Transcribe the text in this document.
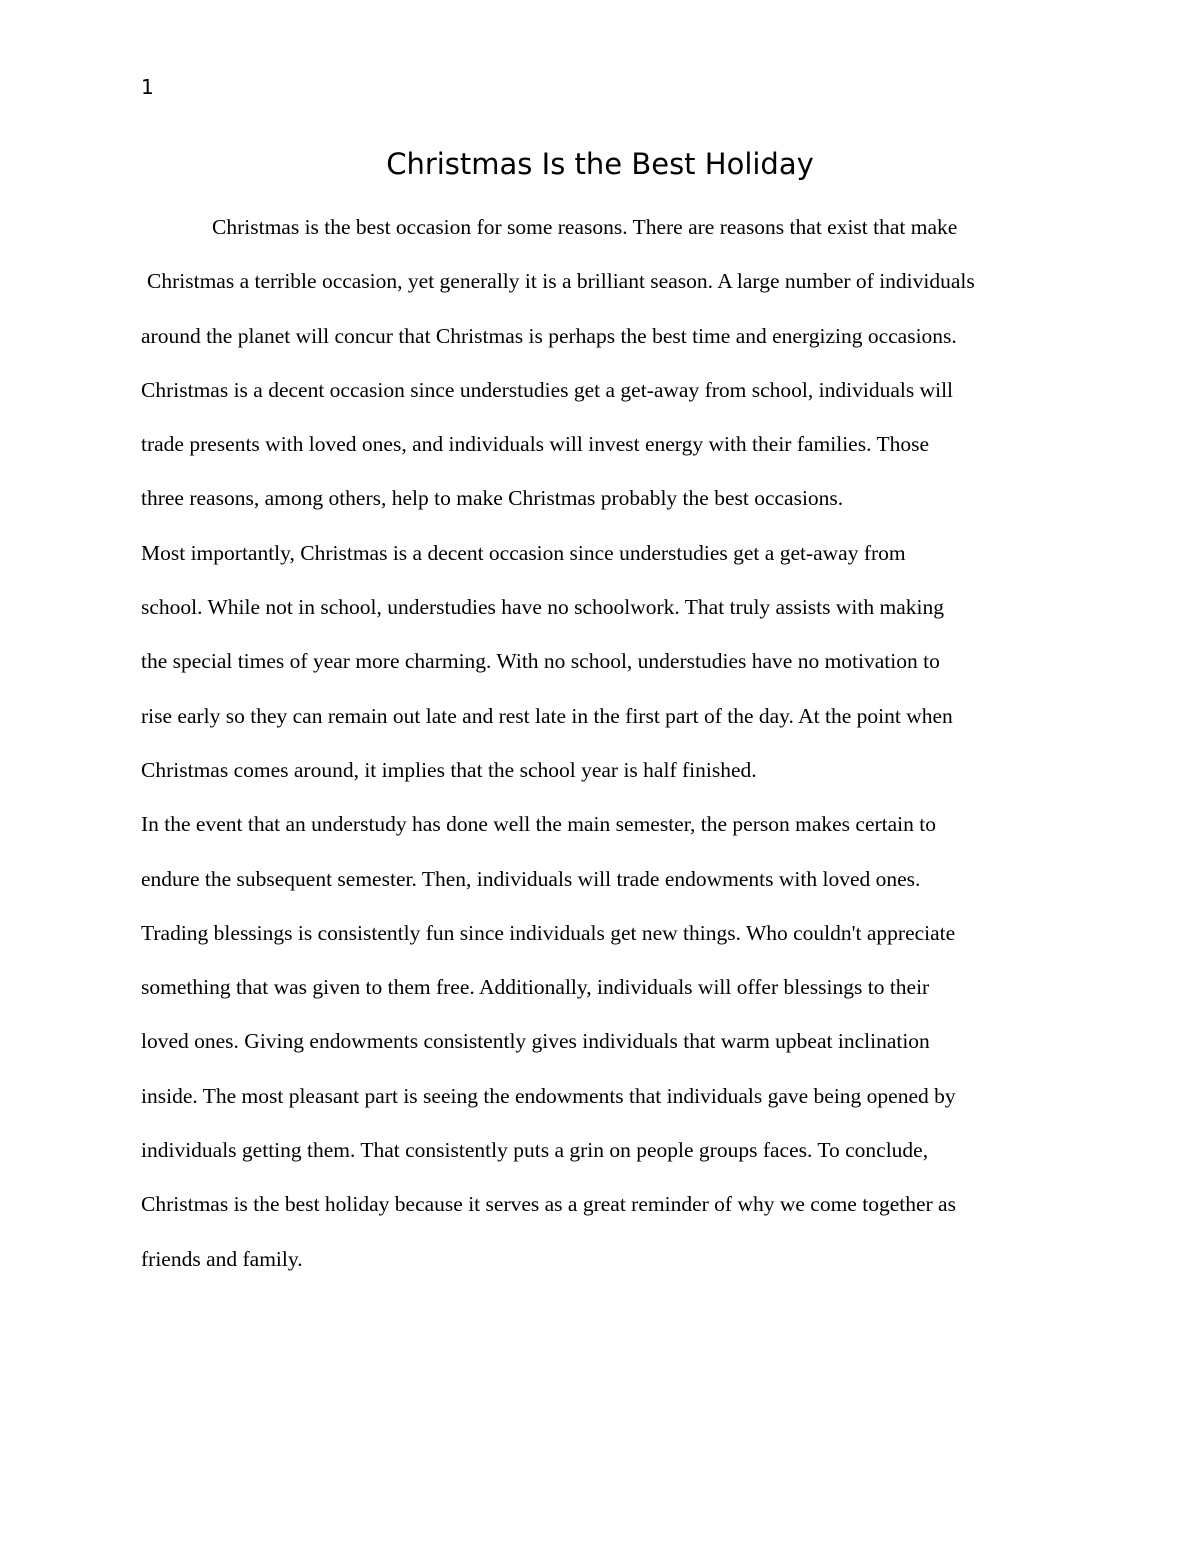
1
Christmas Is the Best Holiday
Christmas is the best occasion for some reasons. There are reasons that exist that make
Christmas a terrible occasion, yet generally it is a brilliant season. A large number of individuals
around the planet will concur that Christmas is perhaps the best time and energizing occasions.
Christmas is a decent occasion since understudies get a get-away from school, individuals will
trade presents with loved ones, and individuals will invest energy with their families. Those
three reasons, among others, help to make Christmas probably the best occasions.
Most importantly, Christmas is a decent occasion since understudies get a get-away from
school. While not in school, understudies have no schoolwork. That truly assists with making
the special times of year more charming. With no school, understudies have no motivation to
rise early so they can remain out late and rest late in the first part of the day. At the point when
Christmas comes around, it implies that the school year is half finished.
In the event that an understudy has done well the main semester, the person makes certain to
endure the subsequent semester. Then, individuals will trade endowments with loved ones.
Trading blessings is consistently fun since individuals get new things. Who couldn't appreciate
something that was given to them free. Additionally, individuals will offer blessings to their
loved ones. Giving endowments consistently gives individuals that warm upbeat inclination
inside. The most pleasant part is seeing the endowments that individuals gave being opened by
individuals getting them. That consistently puts a grin on people groups faces. To conclude,
Christmas is the best holiday because it serves as a great reminder of why we come together as
friends and family.
